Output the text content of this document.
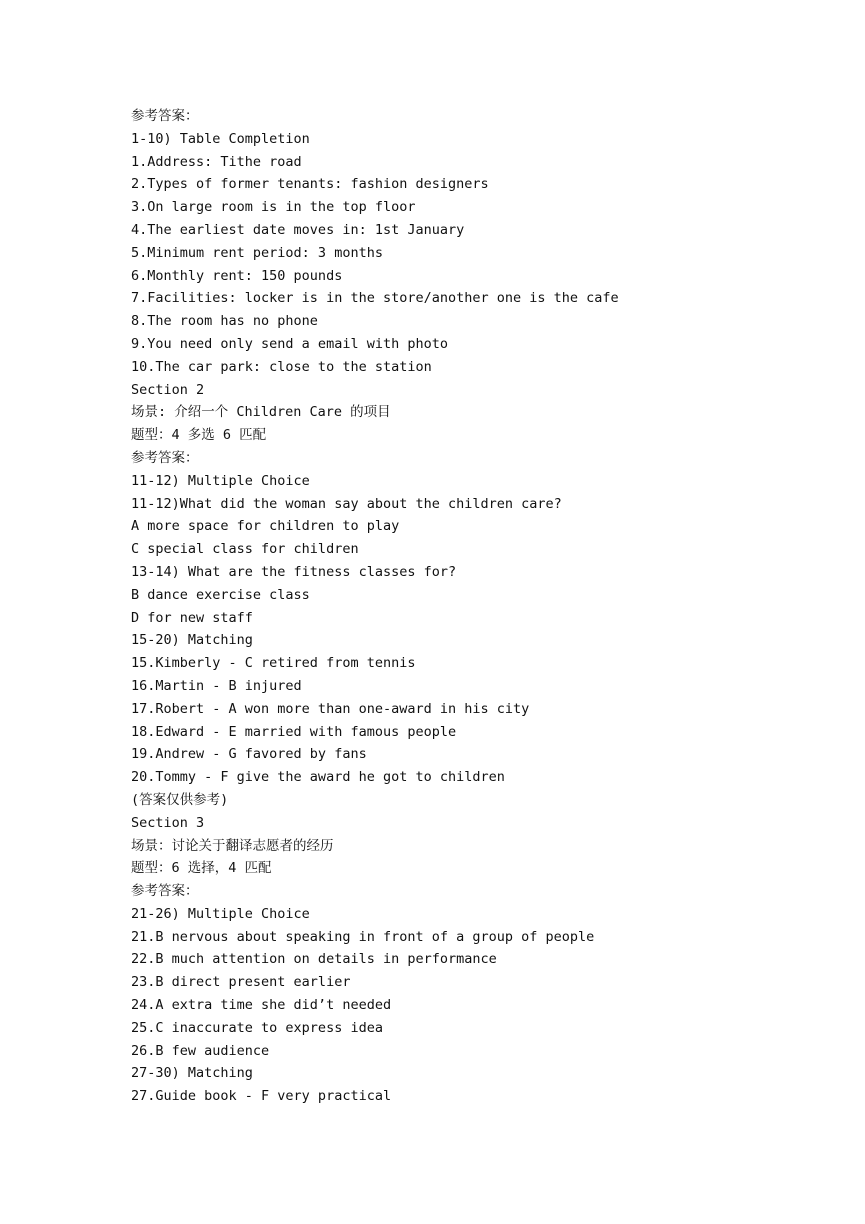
参考答案：
1-10) Table Completion
1.Address: Tithe road
2.Types of former tenants: fashion designers
3.On large room is in the top floor
4.The earliest date moves in: 1st January
5.Minimum rent period: 3 months
6.Monthly rent: 150 pounds
7.Facilities: locker is in the store/another one is the cafe
8.The room has no phone
9.You need only send a email with photo
10.The car park: close to the station
Section 2
场景: 介绍一个 Children Care 的项目
题型：4 多选 6 匹配
参考答案：
11-12) Multiple Choice
11-12)What did the woman say about the children care?
A more space for children to play
C special class for children
13-14) What are the fitness classes for?
B dance exercise class
D for new staff
15-20) Matching
15.Kimberly - C retired from tennis
16.Martin - B injured
17.Robert - A won more than one-award in his city
18.Edward - E married with famous people
19.Andrew - G favored by fans
20.Tommy - F give the award he got to children
(答案仅供参考)
Section 3
场景：讨论关于翻译志愿者的经历
题型：6 选择，4 匹配
参考答案：
21-26) Multiple Choice
21.B nervous about speaking in front of a group of people
22.B much attention on details in performance
23.B direct present earlier
24.A extra time she did’t needed
25.C inaccurate to express idea
26.B few audience
27-30) Matching
27.Guide book - F very practical
